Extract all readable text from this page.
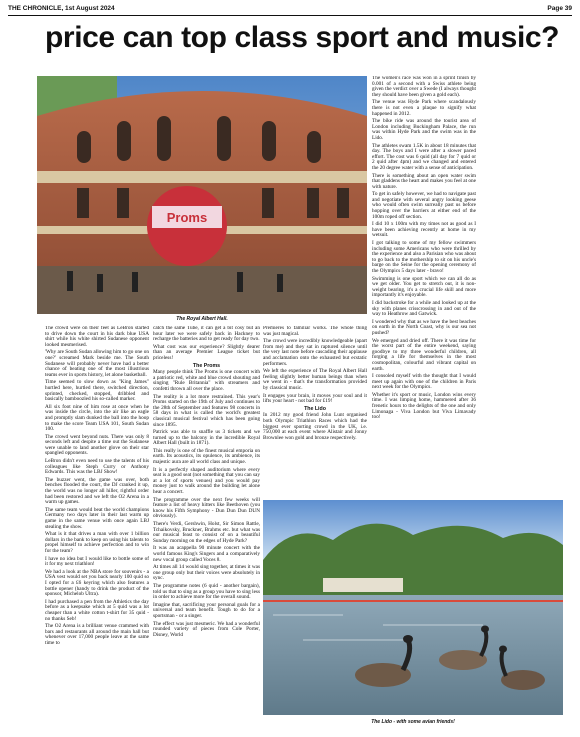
THE CHRONICLE, 1st August 2024	Page 39
price can top class sport and music?
Proms
The Royal Albert Hall.

The crowd were on their feet as LeBron started to drive down the court in his dark blue USA shirt while his white shirted Sudanese opponent looked mesmerised.

'Why are South Sudan allowing him to go one on one?' screamed Mark beside me. The South Sudanese will probably never have had a better chance of beating one of the most illustrious teams ever in sports history, let alone basketball.

Time seemed to slow down as "King James" hurtled here, hurtled there, switched direction, sprinted, checked, stopped, dribbled and basically bamboozled his so-called marker.

All six foot nine of him rose at once when he was inside the circle, into the air like an eagle and promptly slam dunked the ball into the hoop to make the score Team USA 101, South Sudan 100.

The crowd went beyond nuts. There was only 8 seconds left and despite a time out the Sudanese were unable to land another glove on their star spangled opponents.

LeBron didn't even need to use the talents of his colleagues like Steph Curry or Anthony Edwards. This was the LBJ Show!

The buzzer went, the game was over, both benches flooded the court, the DJ cranked it up, the world was no longer all hiller, rightful order had been restored and we left the O2 Arena in a warm up games.

The same team would beat the world champions Germany two days later in their last warm up game in the same venue with once again LBJ stealing the show.

What is it that drives a man with over 1 billion dollars in the bank to keep on using his talents to propel himself to achieve perfection and to win for the team?

I have no idea but I would like to bottle some of it for my next triathlon!

We had a look at the NBA store for souvenirs - a USA vest would set you back nearly 100 quid so I opted for a £6 keyring which also features a bottle opener (handy to drink the product of the sponsor, Michelob Ultra).

I had purchased a pen from the Athletics the day before as a keepsake which at 5 quid was a lot cheaper than a white cotton t-shirt for 35 quid - no thanks Seb!

The O2 Arena is a brilliant venue crammed with bars and restaurants all around the main hall but whenever over 17,000 people leave at the same time to

catch the same Tube, it can get a bit cosy but an hour later we were safely back in Hackney to recharge the batteries and to get ready for day two.

What cost was our experience? Slightly dearer than an average Premier League ticket but priceless!

The Proms

Many people think The Proms is one concert with a patriotic red, white and blue crowd shouting and singing "Rule Britannia" with streamers and confetti thrown all over the place.

The reality is a lot more restrained. This year's Proms started on the 19th of July and continues to the 28th of September and features 98 concerts in 58 days in what is called the world's greatest classical musical festival which has been going since 1895.

Patrick was able to snaffle us 3 tickets and we turned up to the balcony in the incredible Royal Albert Hall (built in 1871).

This really is one of the finest musical emporia on earth. Its acoustics, its opulence, its ambience, its majestic aura are all world class and unique.

It is a perfectly shaped auditorium where every seat is a good seat (not something that you can say at a lot of sports venues) and you would pay money just to walk around the building let alone hear a concert.

The programme over the next few weeks will feature a list of heavy hitters like Beethoven (you know his Fifth Symphony - Dun Dun Dun DUN obviously).

There's Verdi, Gershwin, Holst, Sir Simon Rattle, Tchaikovsky, Bruckner, Brahms etc. but what was our musical feast to consist of on a beautiful Sunday morning on the edges of Hyde Park?

It was an acappella 90 minute concert with the world famous King's Singers and a comparatively new vocal group called Voces 8.

At times all 14 would sing together, at times it was one group only but their voices were absolutely in sync.

The programme notes (6 quid - another bargain), told us that to sing as a group you have to sing less in order to achieve more for the overall sound.

Imagine that, sacrificing your personal goals for a universal and team benefit. Tough to do for a sportsman - or a singer.

The effect was just mesmeric. We had a wonderful rounded variety of pieces from Cole Porter, Disney, World

Premieres to familiar works. The whole thing was just magical.

The crowd were incredibly knowledgeable (apart from me) and they sat in raptured silence until the very last note before cascading their applause and acclamation onto the exhausted but ecstatic performers.

We left the experience of The Royal Albert Hall feeling slightly better human beings than when we went in - that's the transformation provided by classical music.

It engages your brain, it moves your soul and it lifts your heart - not bad for £19!

The Lido

In 2012 my good friend John Lunt organised both Olympic Triathlon Races which had the biggest ever sporting crowd in the UK, i.e. 750,000 at each event where Alistair and Jonny Brownlee won gold and bronze respectively.

The women's race was won in a sprint finish by 0.001 of a second with a Swiss athlete being given the verdict over a Swede (I always thought they should have been given a gold each).

The venue was Hyde Park where scandalously there is not even a plaque to signify what happened in 2012.

The bike ride was around the tourist area of London including Buckingham Palace, the run was within Hyde Park and the swim was in the Lido.

The athletes swam 1.5K in about 18 minutes that day. The boys and I were after a slower paced effort. The cost was 6 quid (all day for 7 quid or 2 quid after 4pm) and we changed and entered the 20 degree water with a sense of anticipation.

There is something about an open water swim that gladdens the heart and makes you feel at one with nature.

To get in safely however, we had to navigate past and negotiate with several angry looking geese who would often swim surreally past us before hopping over the barriers at either end of the 100m roped off section.

I did 10 x 100m with my times not as good as I have been achieving recently at home in my wetsuit.

I got talking to some of my fellow swimmers including some Americans who were thrilled by the experience and also a Parisian who was about to go back to the mothership to sit on his uncle's barge on the Seine for the opening ceremony of the Olympics 5 days later - bravo!

Swimming is one sport which we can all do as we get older. You get to stretch out, it is non-weight bearing, it's a crucial life skill and more importantly it's enjoyable.

I did backstroke for a while and looked up at the sky with planes crisscrossing in and out of the way to Heathrow and Gatwick.

I wondered why that as we have the best beaches on earth in the North Coast, why is our sea not pushed?

We emerged and dried off. There it was time for the worst part of the entire weekend, saying goodbye to my three wonderful children, all forging a life for themselves in the most cosmopolitan, colourful and vibrant capital on earth.

I consoled myself with the thought that I would meet up again with one of the children in Paris next week for the Olympics.

Whether it's sport or music, London wins every time. I was limping home, hammered after 36 frenetic hours to the delights of the one and only Limonaga - Viva London but Viva Limavady too!

The Lido - with some avian friends!
